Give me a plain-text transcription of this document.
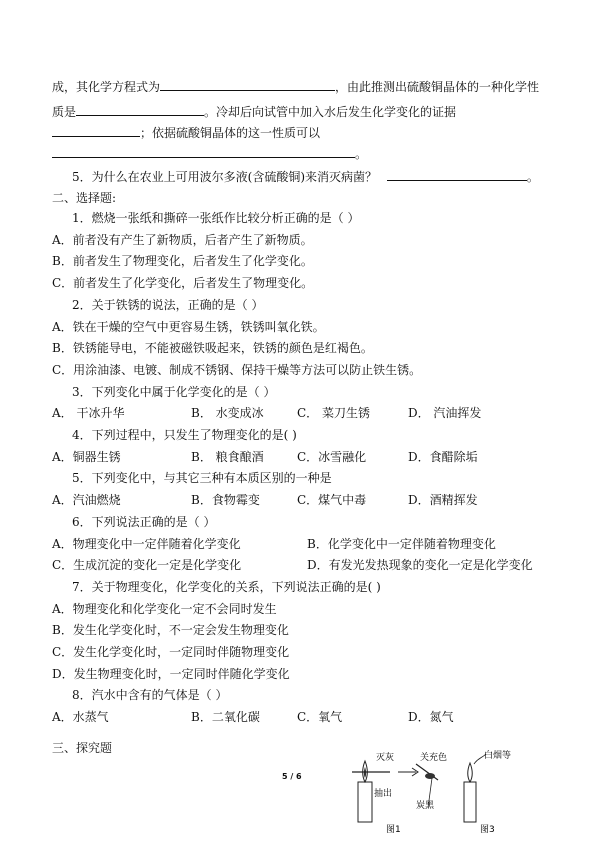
成，其化学方程式为	，由此推测出硫酸铜晶体的一种化学性
质是	。冷却后向试管中加入水后发生化学变化的证据
；依据硫酸铜晶体的这一性质可以
。
5．为什么在农业上可用波尔多液(含硫酸铜)来消灭病菌？	。
二、选择题:
1．燃烧一张纸和撕碎一张纸作比较分析正确的是（ ）
A．前者没有产生了新物质，后者产生了新物质。
B．前者发生了物理变化，后者发生了化学变化。
C．前者发生了化学变化，后者发生了物理变化。
2．关于铁锈的说法，正确的是（ ）
A．铁在干燥的空气中更容易生锈，铁锈叫氧化铁。
B．铁锈能导电，不能被磁铁吸起来，铁锈的颜色是红褐色。
C．用涂油漆、电镀、制成不锈钢、保持干燥等方法可以防止铁生锈。
3．下列变化中属于化学变化的是（ ）
A． 干冰升华	B． 水变成冰	C． 菜刀生锈	D． 汽油挥发
4．下列过程中，只发生了物理变化的是( )
A．铜器生锈	B． 粮食酿酒	C．冰雪融化	D．食醋除垢
5．下列变化中，与其它三种有本质区别的一种是
A．汽油燃烧	B．食物霉变	C．煤气中毒	D．酒精挥发
6．下列说法正确的是（ ）
A．物理变化中一定伴随着化学变化	B．化学变化中一定伴随着物理变化
C．生成沉淀的变化一定是化学变化	D．有发光发热现象的变化一定是化学变化
7．关于物理变化，化学变化的关系，下列说法正确的是( )
A．物理变化和化学变化一定不会同时发生
B．发生化学变化时，不一定会发生物理变化
C．发生化学变化时，一定同时伴随物理变化
D．发生物理变化时，一定同时伴随化学变化
8．汽水中含有的气体是（ ）
A．水蒸气	B．二氧化碳	C．氧气	D．氮气
三、探究题
5 / 6
灭灰
抽出
关充色
炭黑
图1
白烟等
图3
